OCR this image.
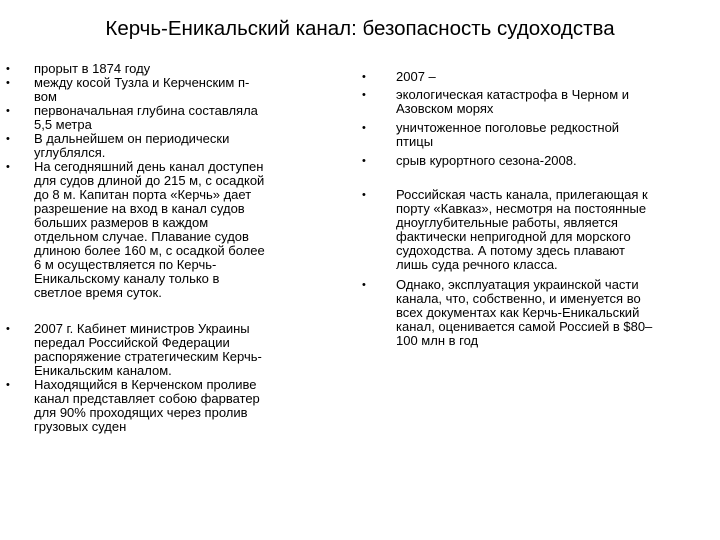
Керчь-Еникальский канал: безопасность судоходства
• прорыт в 1874 году
• между косой Тузла и Керченским п-
вом
• первоначальная глубина составляла
5,5 метра
• В дальнейшем он периодически
углублялся.
• На сегодняшний день канал доступен
для судов длиной до 215 м, с осадкой
до 8 м. Капитан порта «Керчь» дает
разрешение на вход в канал судов
больших размеров в каждом
отдельном случае. Плавание судов
длиною более 160 м, с осадкой более
6 м осуществляется по Керчь-
Еникальскому каналу только в
светлое время суток.
• 2007 г. Кабинет министров Украины
передал Российской Федерации
распоряжение стратегическим Керчь-
Еникальским каналом.
• Находящийся в Керченском проливе
канал представляет собою фарватер
для 90% проходящих через пролив
грузовых суден
• 2007 –
• экологическая катастрофа в Черном и
Азовском морях
• уничтоженное поголовье редкостной
птицы
• срыв курортного сезона-2008.
• Российская часть канала, прилегающая к
порту «Кавказ», несмотря на постоянные
дноуглубительные работы, является
фактически непригодной для морского
судоходства. А потому здесь плавают
лишь суда речного класса.
• Однако, эксплуатация украинской части
канала, что, собственно, и именуется во
всех документах как Керчь-Еникальский
канал, оценивается самой Россией в $80–
100 млн в год
